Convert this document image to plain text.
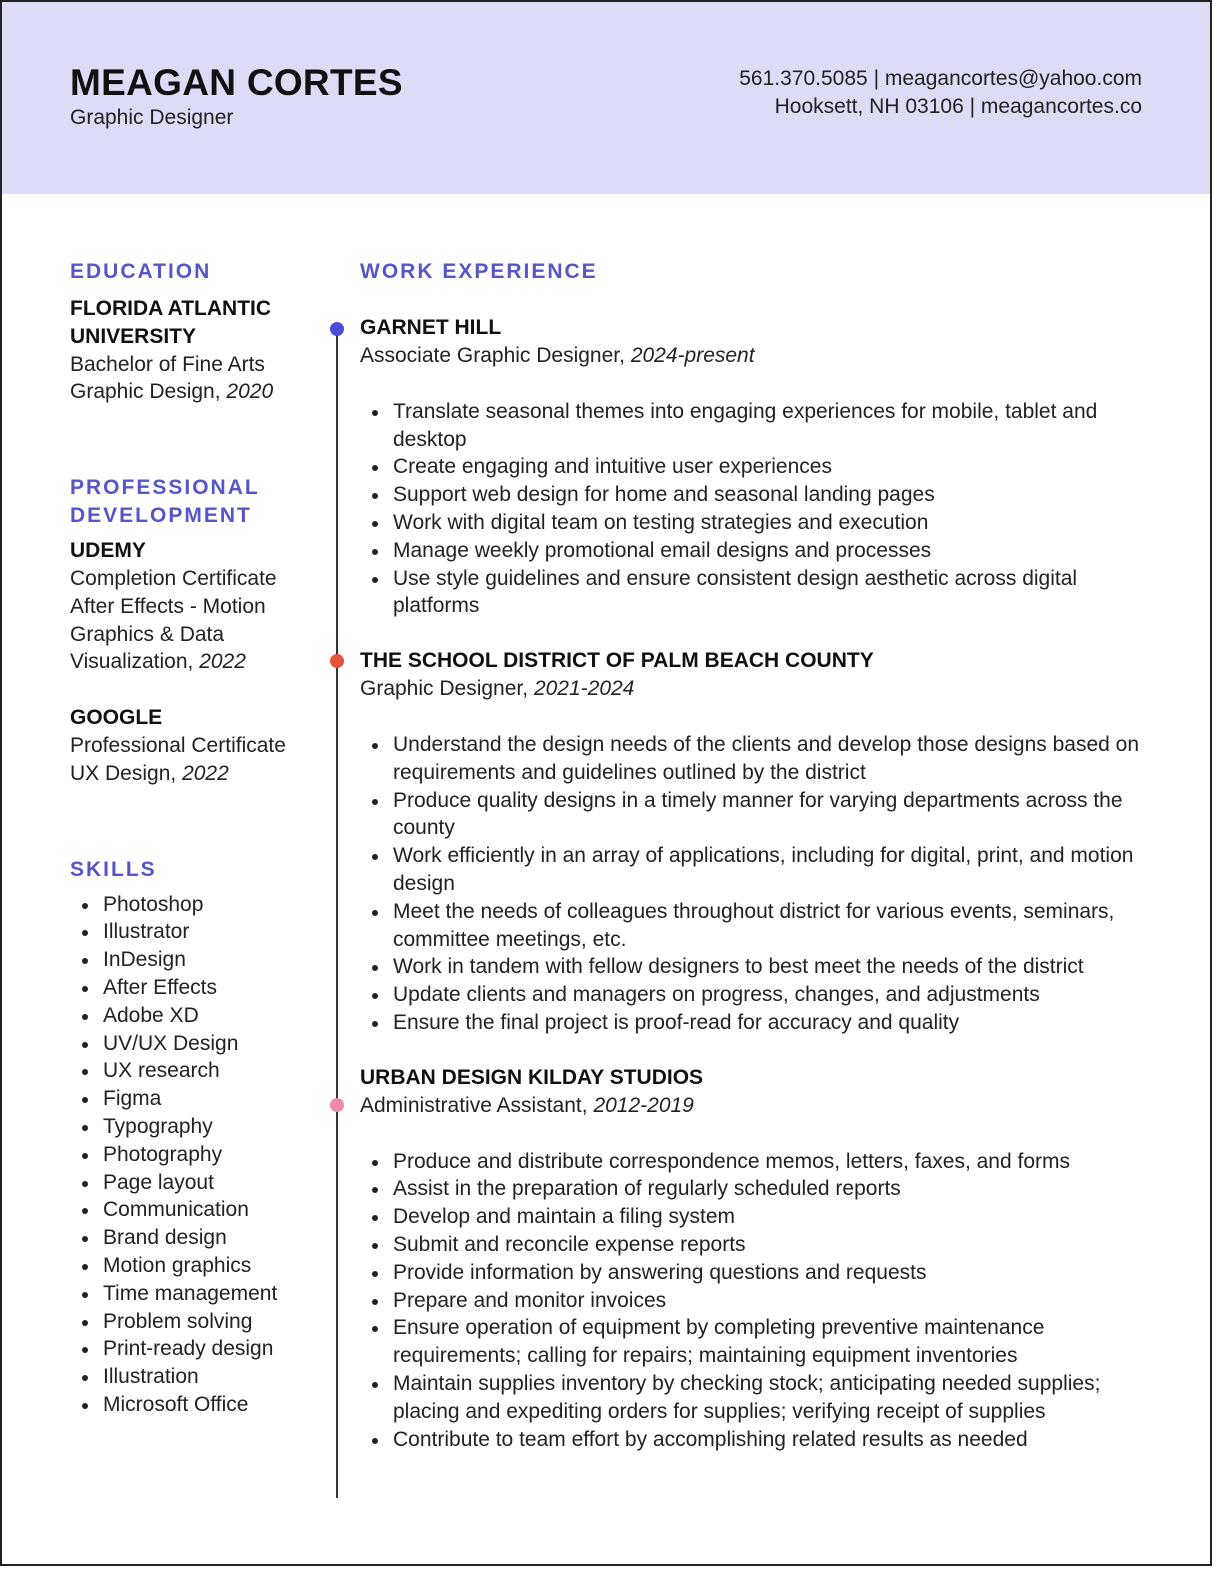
MEAGAN CORTES
Graphic Designer
561.370.5085 | meagancortes@yahoo.com
Hooksett, NH 03106 | meagancortes.co
EDUCATION
FLORIDA ATLANTIC
UNIVERSITY
Bachelor of Fine Arts
Graphic Design, 2020
PROFESSIONAL
DEVELOPMENT
UDEMY
Completion Certificate
After Effects - Motion
Graphics & Data
Visualization, 2022
GOOGLE
Professional Certificate
UX Design, 2022
SKILLS
Photoshop
Illustrator
InDesign
After Effects
Adobe XD
UV/UX Design
UX research
Figma
Typography
Photography
Page layout
Communication
Brand design
Motion graphics
Time management
Problem solving
Print-ready design
Illustration
Microsoft Office
WORK EXPERIENCE
GARNET HILL
Associate Graphic Designer, 2024-present
Translate seasonal themes into engaging experiences for mobile, tablet and desktop
Create engaging and intuitive user experiences
Support web design for home and seasonal landing pages
Work with digital team on testing strategies and execution
Manage weekly promotional email designs and processes
Use style guidelines and ensure consistent design aesthetic across digital platforms
THE SCHOOL DISTRICT OF PALM BEACH COUNTY
Graphic Designer, 2021-2024
Understand the design needs of the clients and develop those designs based on requirements and guidelines outlined by the district
Produce quality designs in a timely manner for varying departments across the county
Work efficiently in an array of applications, including for digital, print, and motion design
Meet the needs of colleagues throughout district for various events, seminars, committee meetings, etc.
Work in tandem with fellow designers to best meet the needs of the district
Update clients and managers on progress, changes, and adjustments
Ensure the final project is proof-read for accuracy and quality
URBAN DESIGN KILDAY STUDIOS
Administrative Assistant, 2012-2019
Produce and distribute correspondence memos, letters, faxes, and forms
Assist in the preparation of regularly scheduled reports
Develop and maintain a filing system
Submit and reconcile expense reports
Provide information by answering questions and requests
Prepare and monitor invoices
Ensure operation of equipment by completing preventive maintenance requirements; calling for repairs; maintaining equipment inventories
Maintain supplies inventory by checking stock; anticipating needed supplies; placing and expediting orders for supplies; verifying receipt of supplies
Contribute to team effort by accomplishing related results as needed
